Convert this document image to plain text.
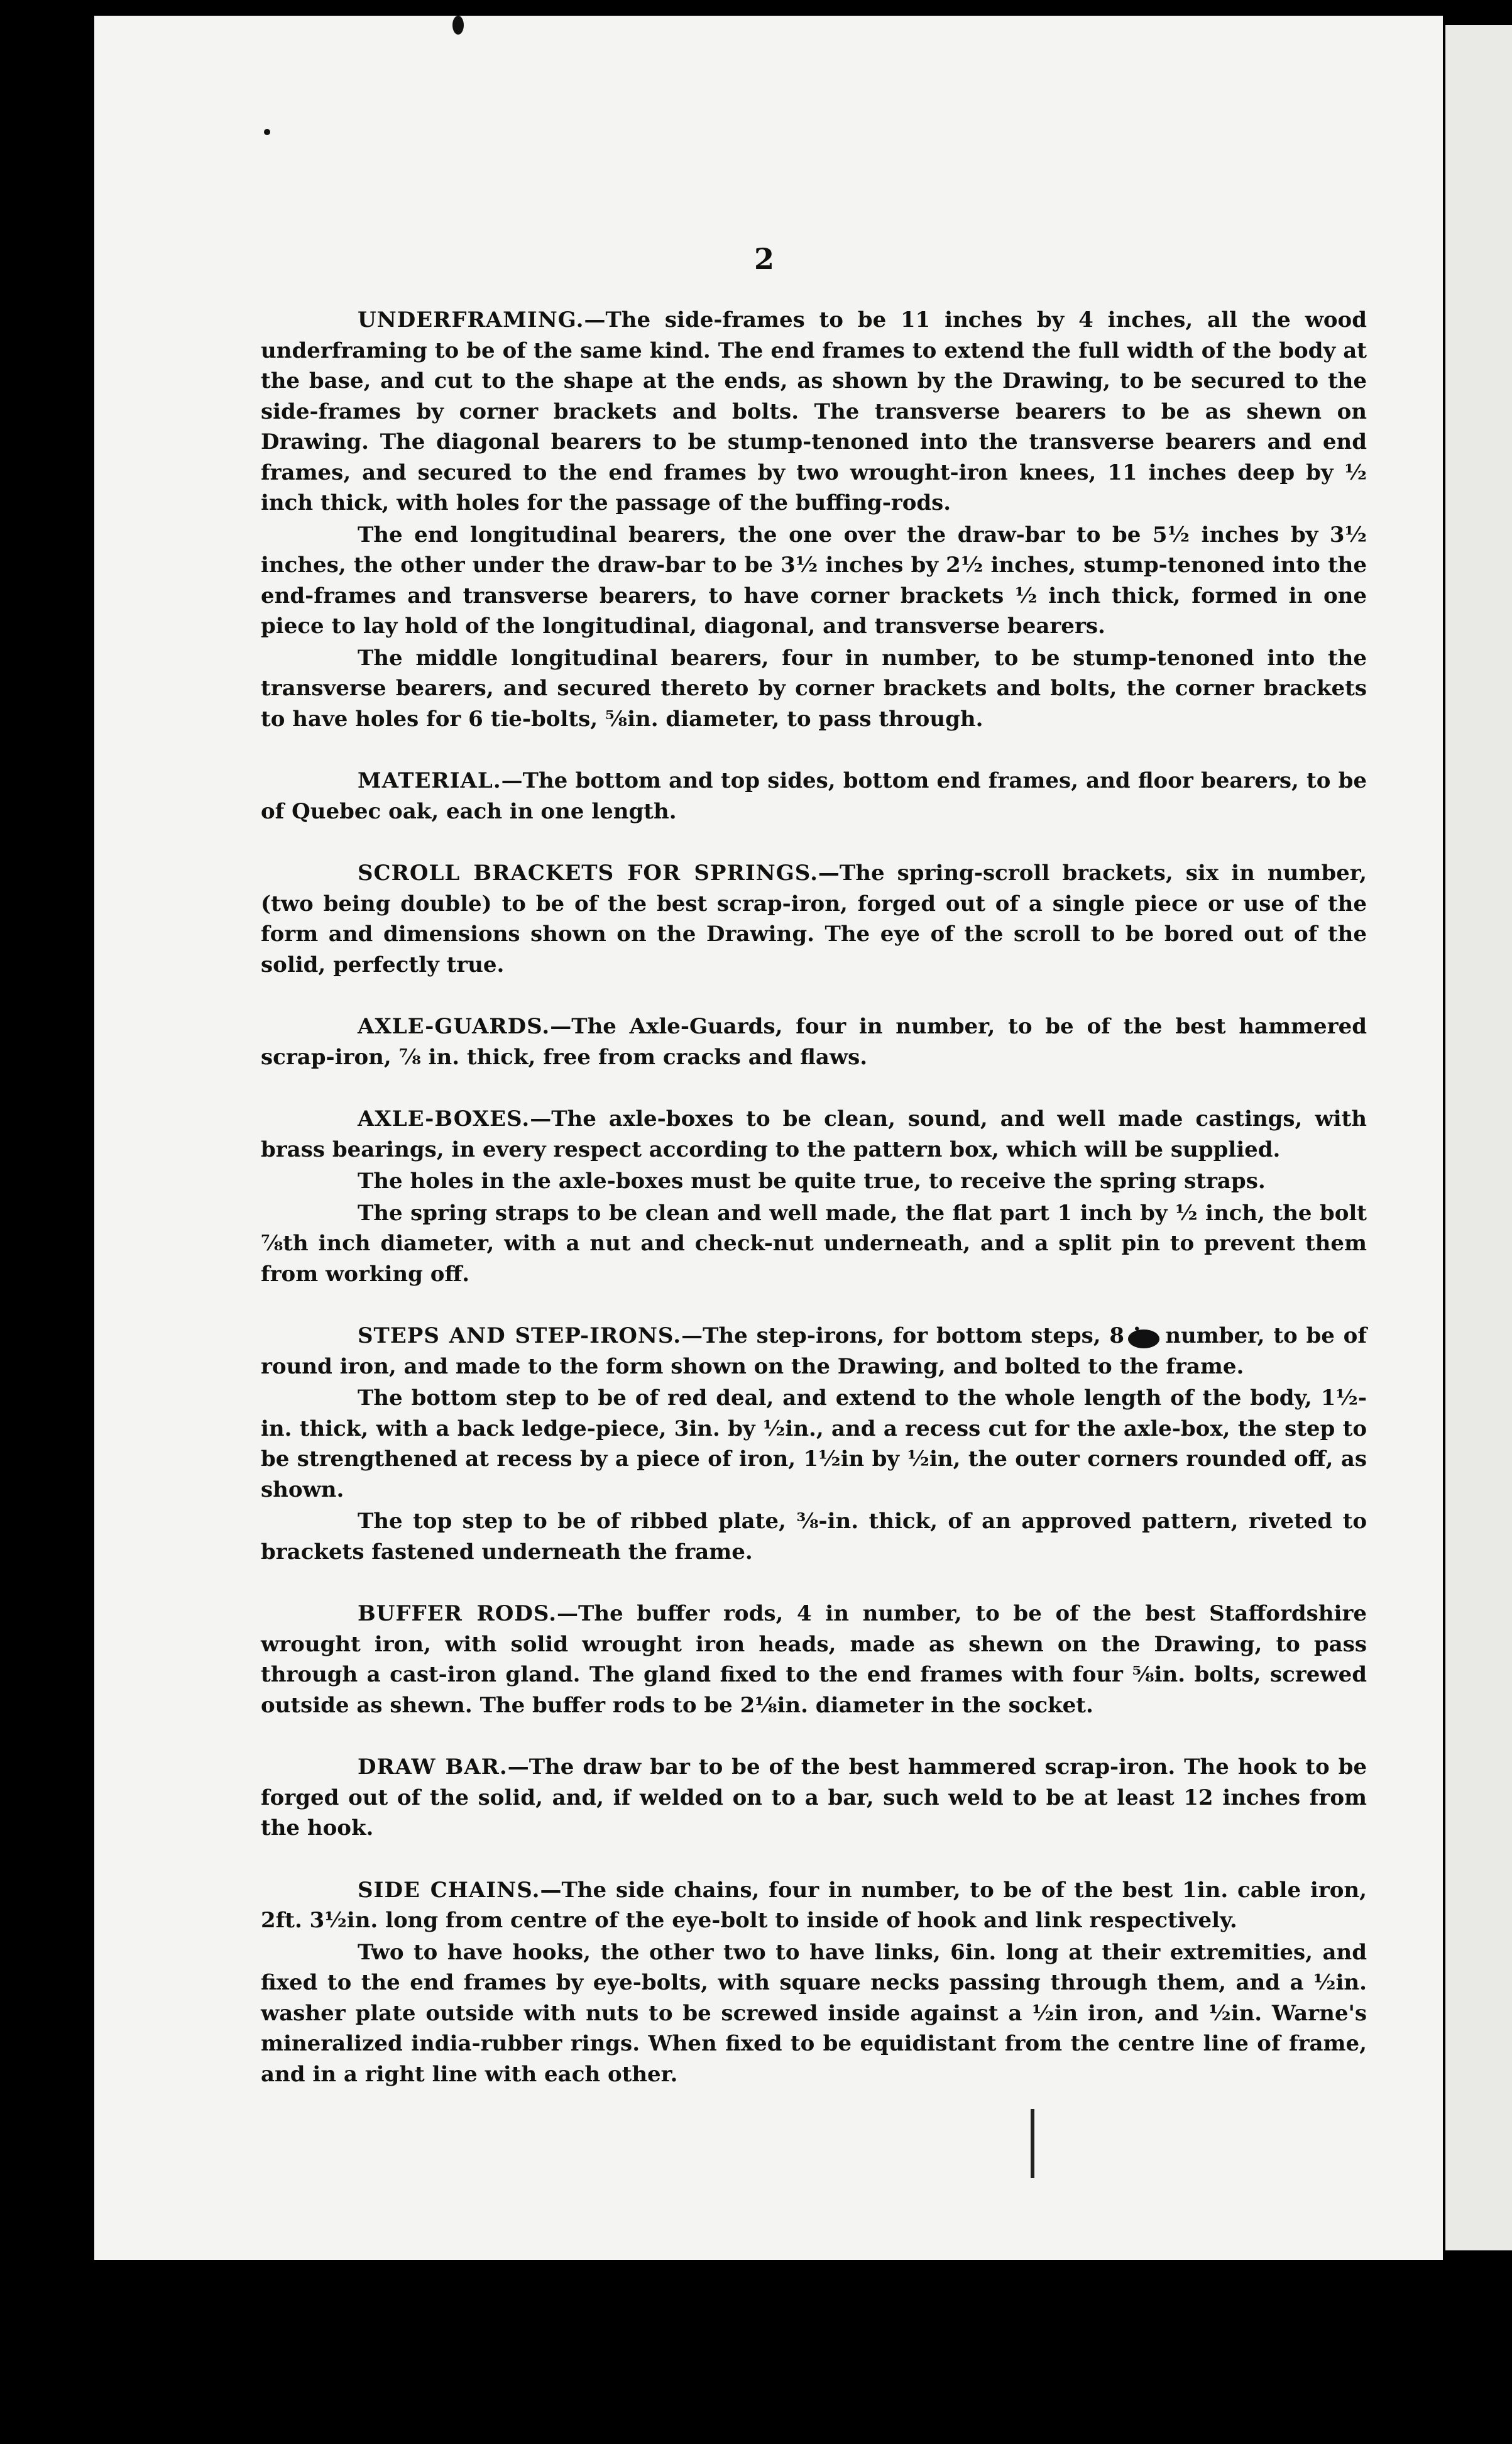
2

UNDERFRAMING.—The side-frames to be 11 inches by 4 inches, all the wood underframing to be of the same kind. The end frames to extend the full width of the body at the base, and cut to the shape at the ends, as shown by the Drawing, to be secured to the side-frames by corner brackets and bolts. The transverse bearers to be as shewn on Drawing. The diagonal bearers to be stump-tenoned into the transverse bearers and end frames, and secured to the end frames by two wrought-iron knees, 11 inches deep by ½ inch thick, with holes for the passage of the buffing-rods.

The end longitudinal bearers, the one over the draw-bar to be 5½ inches by 3½ inches, the other under the draw-bar to be 3½ inches by 2½ inches, stump-tenoned into the end-frames and transverse bearers, to have corner brackets ½ inch thick, formed in one piece to lay hold of the longitudinal, diagonal, and transverse bearers.

The middle longitudinal bearers, four in number, to be stump-tenoned into the transverse bearers, and secured thereto by corner brackets and bolts, the corner brackets to have holes for 6 tie-bolts, ⅝in. diameter, to pass through.

MATERIAL.—The bottom and top sides, bottom end frames, and floor bearers, to be of Quebec oak, each in one length.

SCROLL BRACKETS FOR SPRINGS.—The spring-scroll brackets, six in number, (two being double) to be of the best scrap-iron, forged out of a single piece or use of the form and dimensions shown on the Drawing. The eye of the scroll to be bored out of the solid, perfectly true.

AXLE-GUARDS.—The Axle-Guards, four in number, to be of the best hammered scrap-iron, ⅞ in. thick, free from cracks and flaws.

AXLE-BOXES.—The axle-boxes to be clean, sound, and well made castings, with brass bearings, in every respect according to the pattern box, which will be supplied.

The holes in the axle-boxes must be quite true, to receive the spring straps.

The spring straps to be clean and well made, the flat part 1 inch by ½ inch, the bolt ⅞th inch diameter, with a nut and check-nut underneath, and a split pin to prevent them from working off.

STEPS AND STEP-IRONS.—The step-irons, for bottom steps, 8 in number, to be of round iron, and made to the form shown on the Drawing, and bolted to the frame.

The bottom step to be of red deal, and extend to the whole length of the body, 1½-in. thick, with a back ledge-piece, 3in. by ½in., and a recess cut for the axle-box, the step to be strengthened at recess by a piece of iron, 1½in by ½in, the outer corners rounded off, as shown.

The top step to be of ribbed plate, ⅜-in. thick, of an approved pattern, riveted to brackets fastened underneath the frame.

BUFFER RODS.—The buffer rods, 4 in number, to be of the best Staffordshire wrought iron, with solid wrought iron heads, made as shewn on the Drawing, to pass through a cast-iron gland. The gland fixed to the end frames with four ⅝in. bolts, screwed outside as shewn. The buffer rods to be 2⅛in. diameter in the socket.

DRAW BAR.—The draw bar to be of the best hammered scrap-iron. The hook to be forged out of the solid, and, if welded on to a bar, such weld to be at least 12 inches from the hook.

SIDE CHAINS.—The side chains, four in number, to be of the best 1in. cable iron, 2ft. 3½in. long from centre of the eye-bolt to inside of hook and link respectively.

Two to have hooks, the other two to have links, 6in. long at their extremities, and fixed to the end frames by eye-bolts, with square necks passing through them, and a ½in. washer plate outside with nuts to be screwed inside against a ½in iron, and ½in. Warne's mineralized india-rubber rings. When fixed to be equidistant from the centre line of frame, and in a right line with each other.
